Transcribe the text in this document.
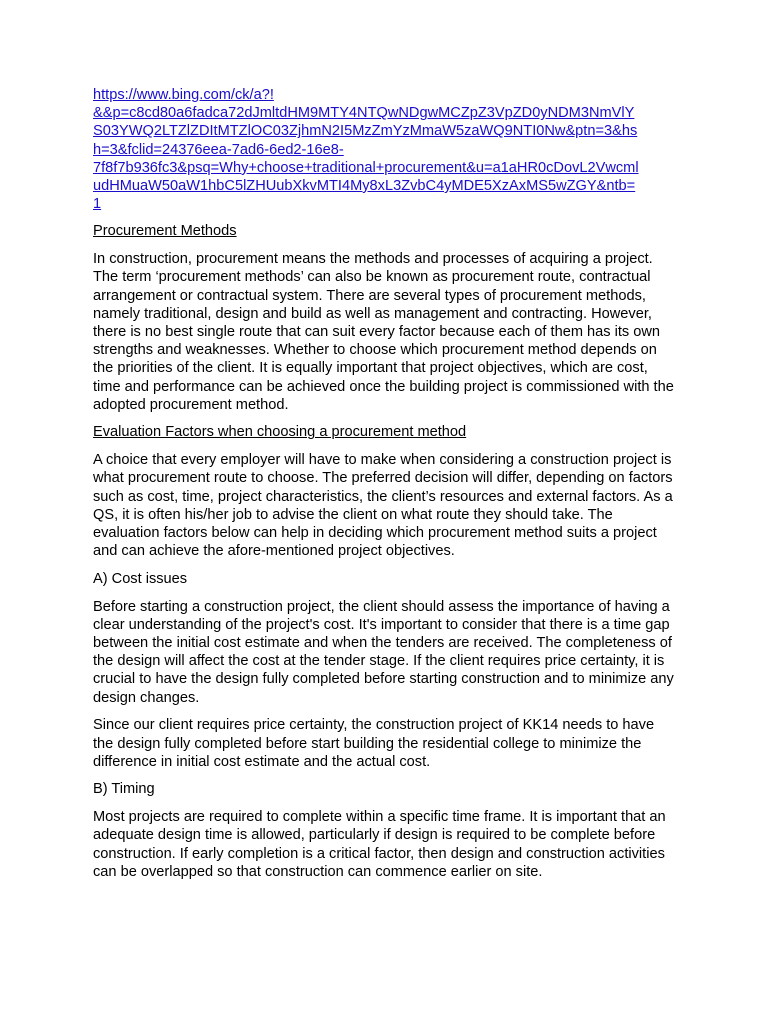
https://www.bing.com/ck/a?!
&&p=c8cd80a6fadca72dJmltdHM9MTY4NTQwNDgwMCZpZ3VpZD0yNDM3NmVlY
S03YWQ2LTZlZDItMTZlOC03ZjhmN2I5MzZmYzMmaW5zaWQ9NTI0Nw&ptn=3&hs
h=3&fclid=24376eea-7ad6-6ed2-16e8-
7f8f7b936fc3&psq=Why+choose+traditional+procurement&u=a1aHR0cDovL2Vwcml
udHMuaW50aW1hbC5lZHUubXkvMTI4My8xL3ZvbC4yMDE5XzAxMS5wZGY&ntb=
1

Procurement Methods

In construction, procurement means the methods and processes of acquiring a project. The term ‘procurement methods’ can also be known as procurement route, contractual arrangement or contractual system. There are several types of procurement methods, namely traditional, design and build as well as management and contracting. However, there is no best single route that can suit every factor because each of them has its own strengths and weaknesses. Whether to choose which procurement method depends on the priorities of the client. It is equally important that project objectives, which are cost, time and performance can be achieved once the building project is commissioned with the adopted procurement method.

Evaluation Factors when choosing a procurement method

A choice that every employer will have to make when considering a construction project is what procurement route to choose. The preferred decision will differ, depending on factors such as cost, time, project characteristics, the client’s resources and external factors. As a QS, it is often his/her job to advise the client on what route they should take. The evaluation factors below can help in deciding which procurement method suits a project and can achieve the afore-mentioned project objectives.

A) Cost issues

Before starting a construction project, the client should assess the importance of having a clear understanding of the project's cost. It's important to consider that there is a time gap between the initial cost estimate and when the tenders are received. The completeness of the design will affect the cost at the tender stage. If the client requires price certainty, it is crucial to have the design fully completed before starting construction and to minimize any design changes.

Since our client requires price certainty, the construction project of KK14 needs to have the design fully completed before start building the residential college to minimize the difference in initial cost estimate and the actual cost.

B) Timing

Most projects are required to complete within a specific time frame. It is important that an adequate design time is allowed, particularly if design is required to be complete before construction. If early completion is a critical factor, then design and construction activities can be overlapped so that construction can commence earlier on site.
